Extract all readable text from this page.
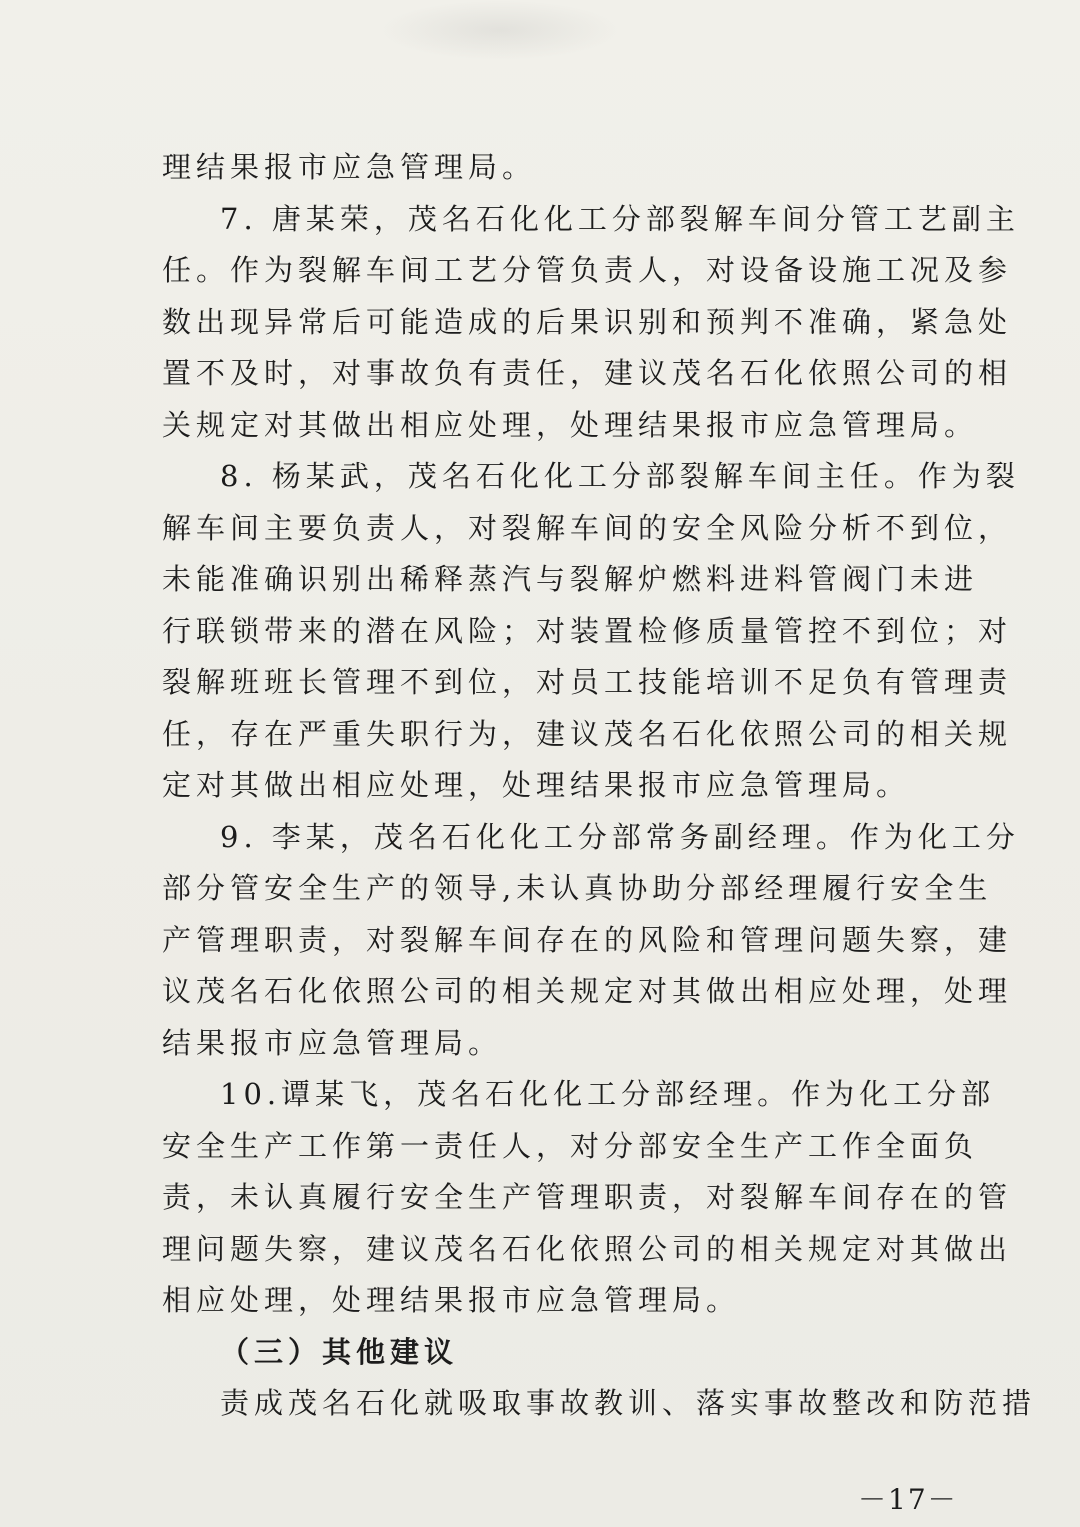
理结果报市应急管理局。
7. 唐某荣，茂名石化化工分部裂解车间分管工艺副主
任。作为裂解车间工艺分管负责人，对设备设施工况及参
数出现异常后可能造成的后果识别和预判不准确，紧急处
置不及时，对事故负有责任，建议茂名石化依照公司的相
关规定对其做出相应处理，处理结果报市应急管理局。
8. 杨某武，茂名石化化工分部裂解车间主任。作为裂
解车间主要负责人，对裂解车间的安全风险分析不到位，
未能准确识别出稀释蒸汽与裂解炉燃料进料管阀门未进
行联锁带来的潜在风险；对装置检修质量管控不到位；对
裂解班班长管理不到位，对员工技能培训不足负有管理责
任，存在严重失职行为，建议茂名石化依照公司的相关规
定对其做出相应处理，处理结果报市应急管理局。
9. 李某，茂名石化化工分部常务副经理。作为化工分
部分管安全生产的领导,未认真协助分部经理履行安全生
产管理职责，对裂解车间存在的风险和管理问题失察，建
议茂名石化依照公司的相关规定对其做出相应处理，处理
结果报市应急管理局。
10.谭某飞，茂名石化化工分部经理。作为化工分部
安全生产工作第一责任人，对分部安全生产工作全面负
责，未认真履行安全生产管理职责，对裂解车间存在的管
理问题失察，建议茂名石化依照公司的相关规定对其做出
相应处理，处理结果报市应急管理局。
（三）其他建议
责成茂名石化就吸取事故教训、落实事故整改和防范措
－17－
